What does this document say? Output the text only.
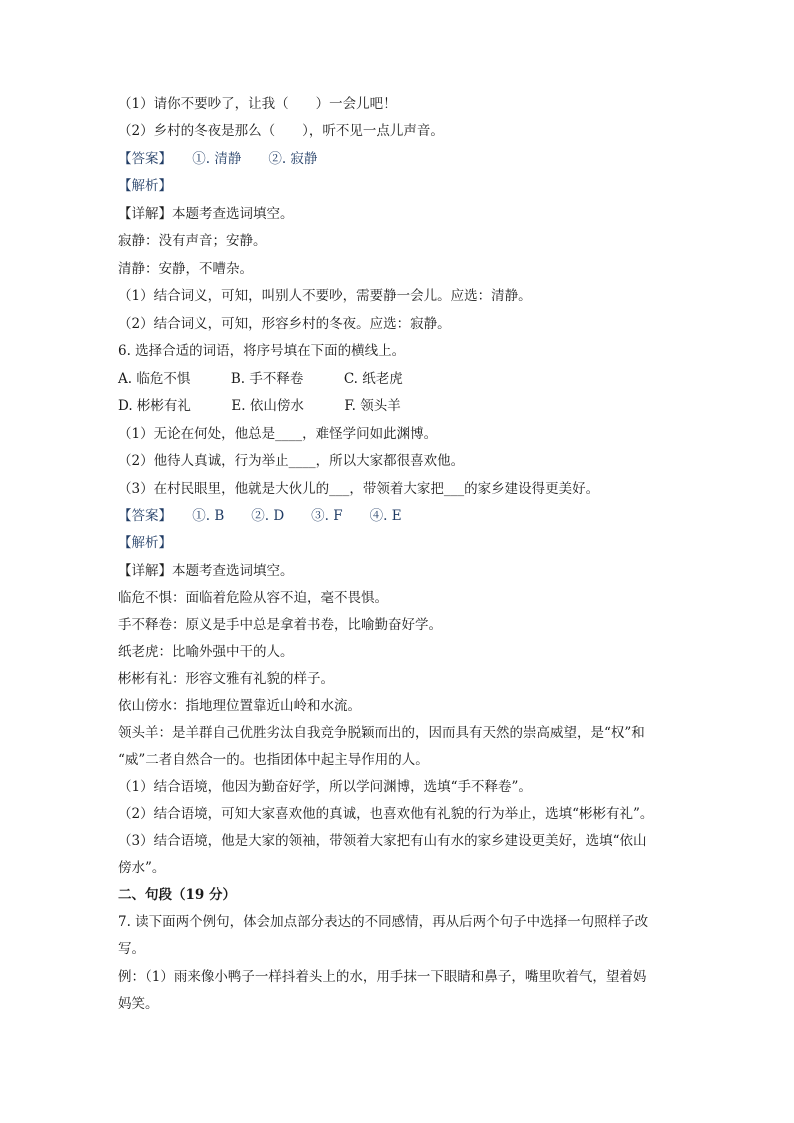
（1）请你不要吵了，让我（　　）一会儿吧！
（2）乡村的冬夜是那么（　　），听不见一点儿声音。
【答案】　　①. 清静　　②. 寂静
【解析】
【详解】本题考查选词填空。
寂静：没有声音；安静。
清静：安静，不嘈杂。
（1）结合词义，可知，叫别人不要吵，需要静一会儿。应选：清静。
（2）结合词义，可知，形容乡村的冬夜。应选：寂静。
6. 选择合适的词语，将序号填在下面的横线上。
A. 临危不惧　　　B. 手不释卷　　　C. 纸老虎
D. 彬彬有礼　　　E. 依山傍水　　　F. 领头羊
（1）无论在何处，他总是____，难怪学问如此渊博。
（2）他待人真诚，行为举止____，所以大家都很喜欢他。
（3）在村民眼里，他就是大伙儿的___，带领着大家把___的家乡建设得更美好。
【答案】　　①. B　　②. D　　③. F　　④. E
【解析】
【详解】本题考查选词填空。
临危不惧：面临着危险从容不迫，毫不畏惧。
手不释卷：原义是手中总是拿着书卷，比喻勤奋好学。
纸老虎：比喻外强中干的人。
彬彬有礼：形容文雅有礼貌的样子。
依山傍水：指地理位置靠近山岭和水流。
领头羊：是羊群自己优胜劣汰自我竞争脱颖而出的，因而具有天然的崇高威望，是“权”和
“威”二者自然合一的。也指团体中起主导作用的人。
（1）结合语境，他因为勤奋好学，所以学问渊博，选填“手不释卷”。
（2）结合语境，可知大家喜欢他的真诚，也喜欢他有礼貌的行为举止，选填“彬彬有礼”。
（3）结合语境，他是大家的领袖，带领着大家把有山有水的家乡建设更美好，选填“依山
傍水”。
二、句段（19 分）
7. 读下面两个例句，体会加点部分表达的不同感情，再从后两个句子中选择一句照样子改
写。
例：（1）雨来像小鸭子一样抖着头上的水，用手抹一下眼睛和鼻子，嘴里吹着气，望着妈
妈笑。
